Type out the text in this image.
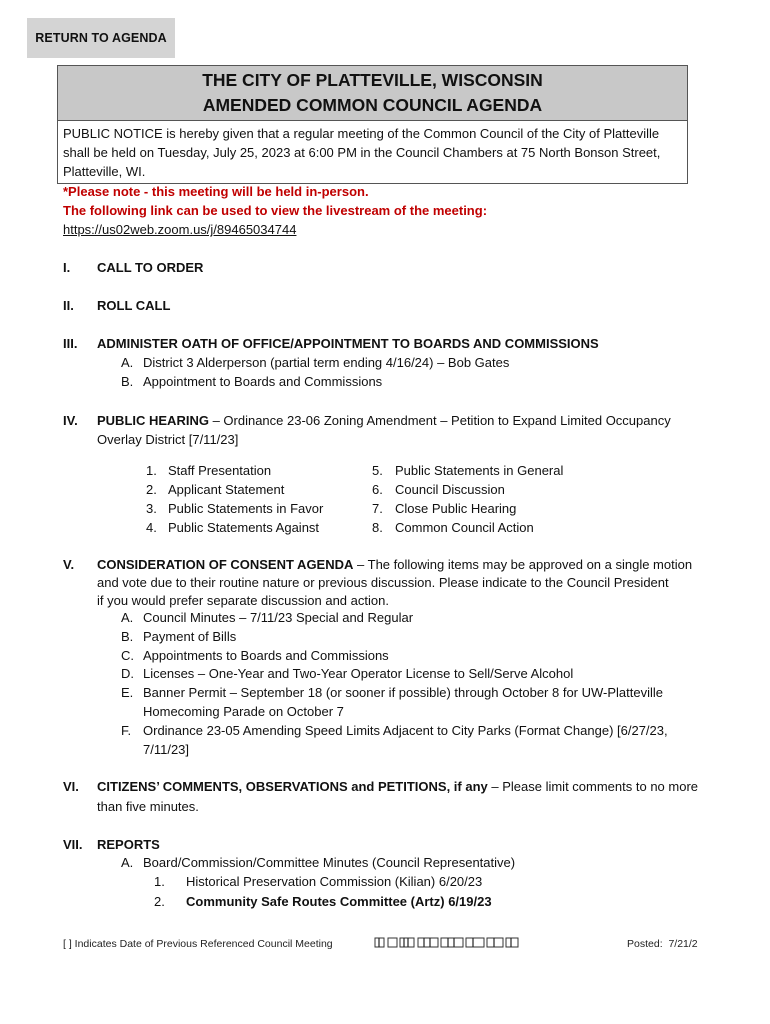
RETURN TO AGENDA
THE CITY OF PLATTEVILLE, WISCONSIN
AMENDED COMMON COUNCIL AGENDA
PUBLIC NOTICE is hereby given that a regular meeting of the Common Council of the City of Platteville
shall be held on Tuesday, July 25, 2023 at 6:00 PM in the Council Chambers at 75 North Bonson Street,
Platteville, WI.
*Please note - this meeting will be held in-person.
The following link can be used to view the livestream of the meeting:
https://us02web.zoom.us/j/89465034744
I. CALL TO ORDER
II. ROLL CALL
III. ADMINISTER OATH OF OFFICE/APPOINTMENT TO BOARDS AND COMMISSIONS
A. District 3 Alderperson (partial term ending 4/16/24) – Bob Gates
B. Appointment to Boards and Commissions
IV. PUBLIC HEARING – Ordinance 23-06 Zoning Amendment – Petition to Expand Limited Occupancy
Overlay District [7/11/23]
1. Staff Presentation
2. Applicant Statement
3. Public Statements in Favor
4. Public Statements Against
5. Public Statements in General
6. Council Discussion
7. Close Public Hearing
8. Common Council Action
V. CONSIDERATION OF CONSENT AGENDA – The following items may be approved on a single motion
and vote due to their routine nature or previous discussion. Please indicate to the Council President
if you would prefer separate discussion and action.
A. Council Minutes – 7/11/23 Special and Regular
B. Payment of Bills
C. Appointments to Boards and Commissions
D. Licenses – One-Year and Two-Year Operator License to Sell/Serve Alcohol
E. Banner Permit – September 18 (or sooner if possible) through October 8 for UW-Platteville
Homecoming Parade on October 7
F. Ordinance 23-05 Amending Speed Limits Adjacent to City Parks (Format Change) [6/27/23,
7/11/23]
VI. CITIZENS’ COMMENTS, OBSERVATIONS and PETITIONS, if any – Please limit comments to no more
than five minutes.
VII. REPORTS
A. Board/Commission/Committee Minutes (Council Representative)
1. Historical Preservation Commission (Kilian) 6/20/23
2. Community Safe Routes Committee (Artz) 6/19/23
[ ] Indicates Date of Previous Referenced Council Meeting	Posted: 7/21/2
